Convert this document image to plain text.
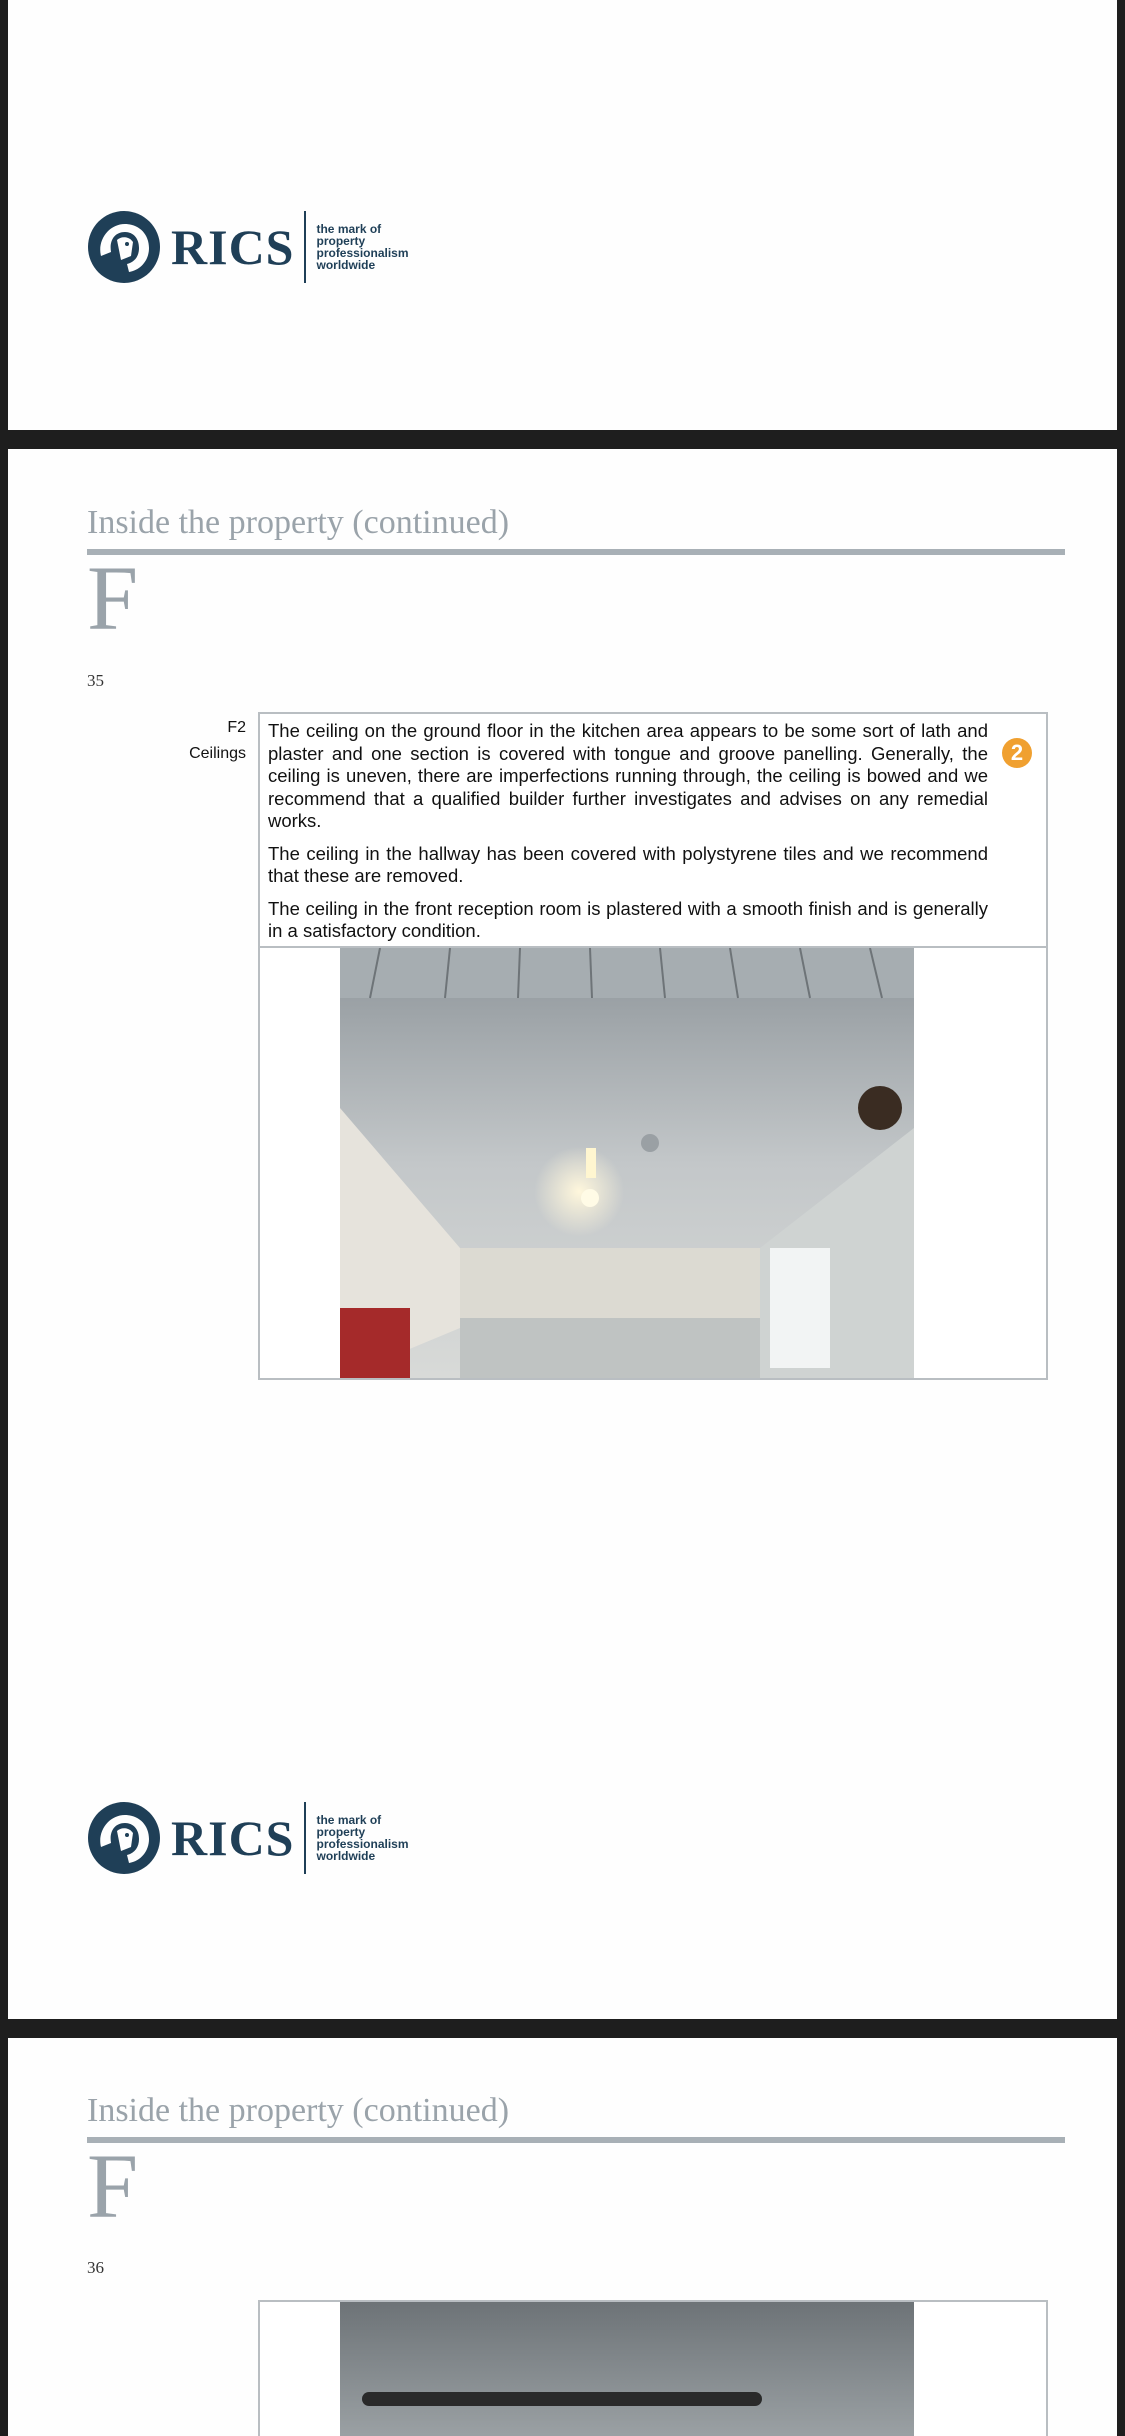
RICS the mark of
property
professionalism
worldwide
Inside the property (continued)
F
35
F2
Ceilings

The ceiling on the ground floor in the kitchen area appears to be some sort of lath and plaster and one section is covered with tongue and groove panelling. Generally, the ceiling is uneven, there are imperfections running through, the ceiling is bowed and we recommend that a qualified builder further investigates and advises on any remedial works.

The ceiling in the hallway has been covered with polystyrene tiles and we recommend that these are removed.

The ceiling in the front reception room is plastered with a smooth finish and is generally in a satisfactory condition.

2
RICS the mark of
property
professionalism
worldwide
Inside the property (continued)
F
36
